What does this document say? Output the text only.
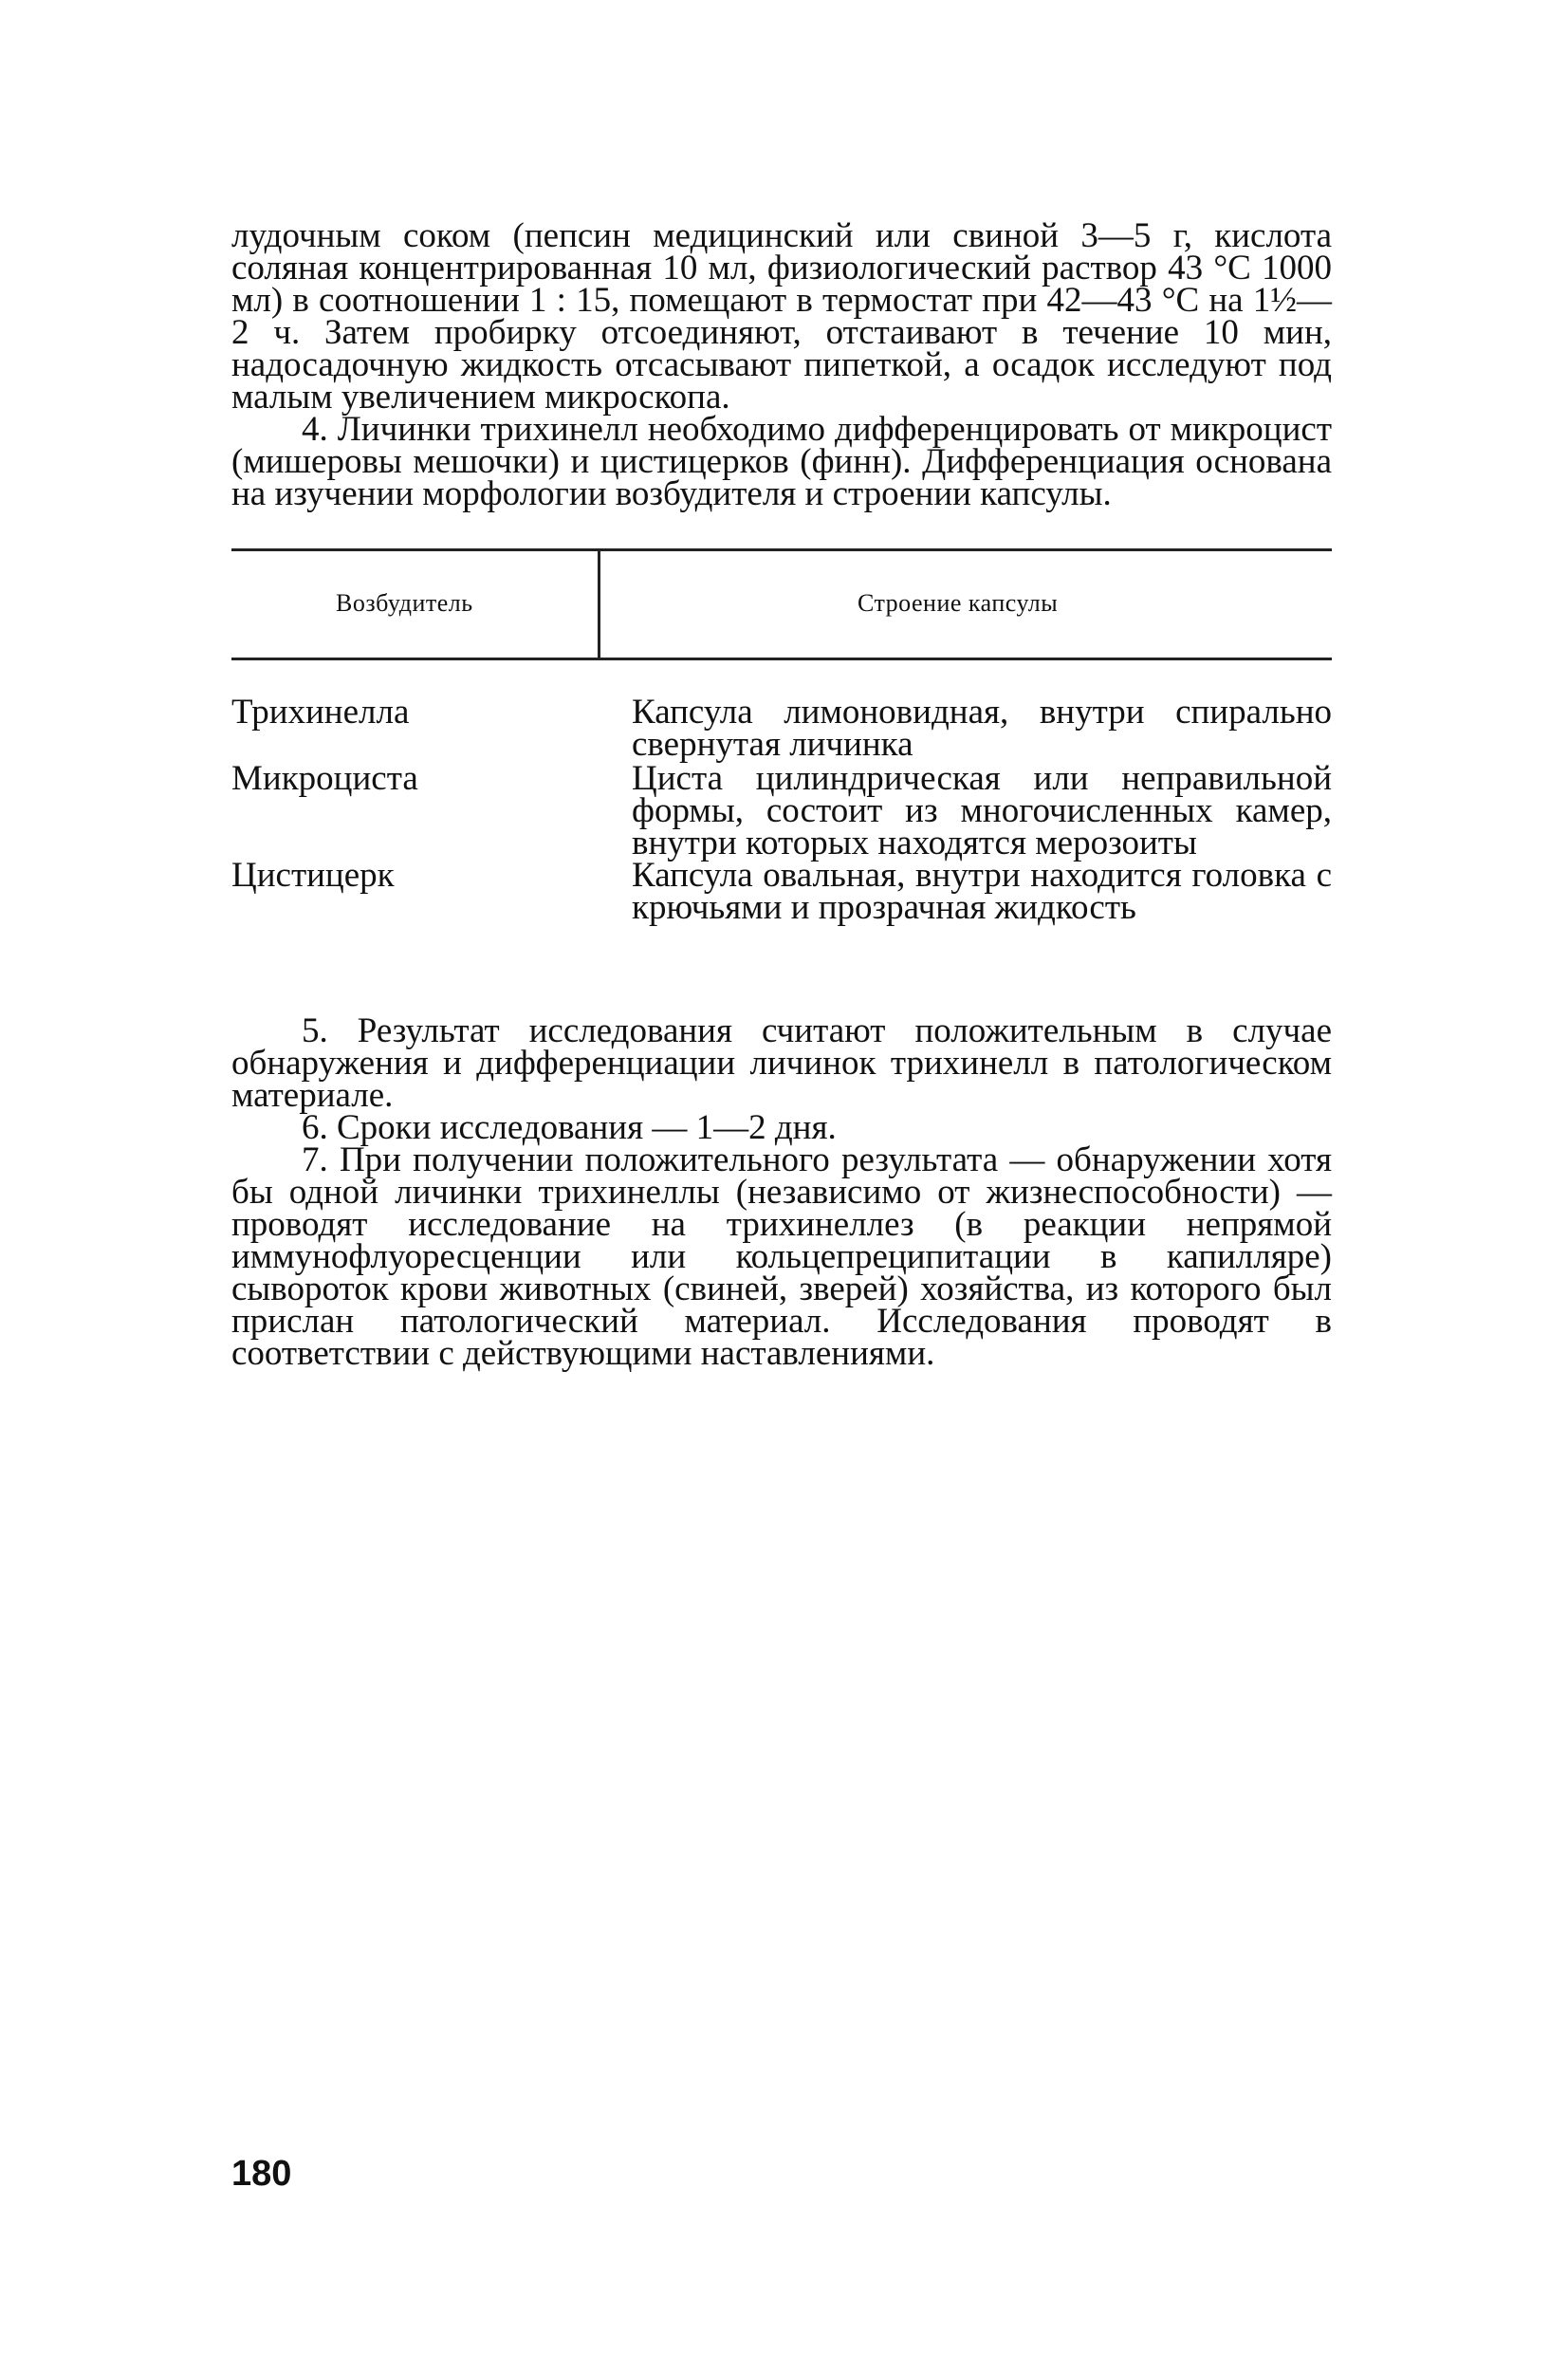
лудочным соком (пепсин медицинский или свиной 3—5 г, кислота соляная концентрированная 10 мл, физиологический раствор 43 °С 1000 мл) в соотношении 1 : 15, помещают в термостат при 42—43 °С на 1½—2 ч. Затем пробирку отсоединяют, отстаивают в течение 10 мин, надосадочную жидкость отсасывают пипеткой, а осадок исследуют под малым увеличением микроскопа.

4. Личинки трихинелл необходимо дифференцировать от микроцист (мишеровы мешочки) и цистицерков (финн). Дифференциация основана на изучении морфологии возбудителя и строении капсулы.

Возбудитель	Строение капсулы
Трихинелла	Капсула лимоновидная, внутри спирально свернутая личинка
Микроциста	Циста цилиндрическая или неправильной формы, состоит из многочисленных камер, внутри которых находятся мерозоиты
Цистицерк	Капсула овальная, внутри находится головка с крючьями и прозрачная жидкость

5. Результат исследования считают положительным в случае обнаружения и дифференциации личинок трихинелл в патологическом материале.

6. Сроки исследования — 1—2 дня.

7. При получении положительного результата — обнаружении хотя бы одной личинки трихинеллы (независимо от жизнеспособности) — проводят исследование на трихинеллез (в реакции непрямой иммунофлуоресценции или кольцепреципитации в капилляре) сывороток крови животных (свиней, зверей) хозяйства, из которого был прислан патологический материал. Исследования проводят в соответствии с действующими наставлениями.

180
